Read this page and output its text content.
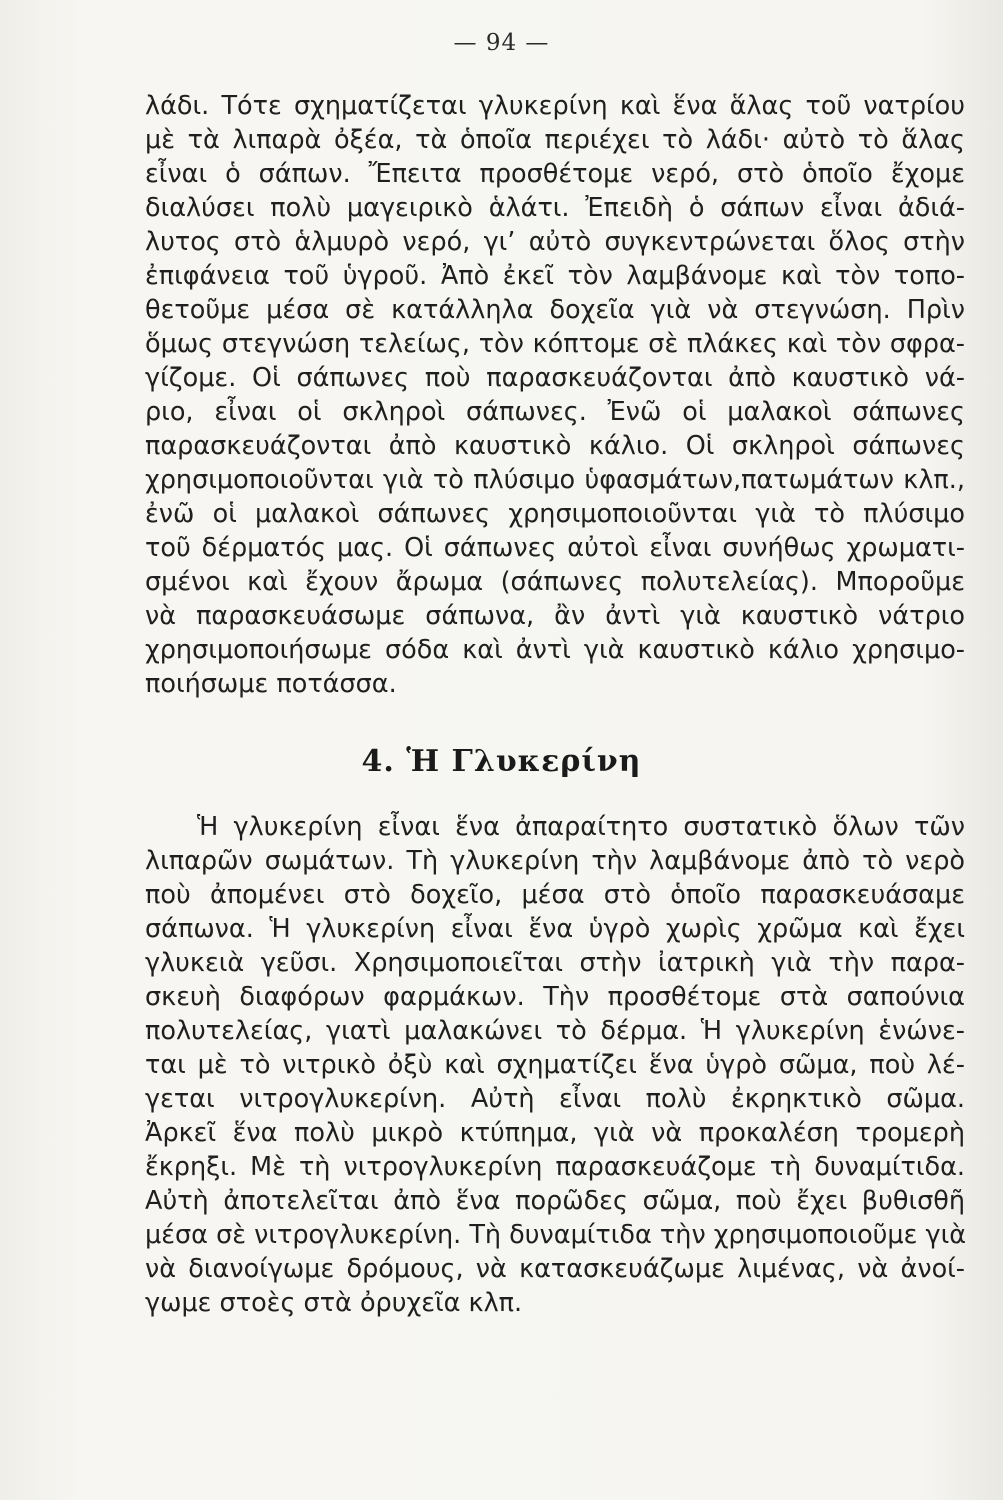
— 94 —
λάδι. Τότε σχηματίζεται γλυκερίνη καὶ ἕνα ἅλας τοῦ νατρίου
μὲ τὰ λιπαρὰ ὀξέα, τὰ ὁποῖα περιέχει τὸ λάδι· αὐτὸ τὸ ἅλας
εἶναι ὁ σάπων. Ἔπειτα προσθέτομε νερό, στὸ ὁποῖο ἔχομε
διαλύσει πολὺ μαγειρικὸ ἁλάτι. Ἐπειδὴ ὁ σάπων εἶναι ἀδιά-
λυτος στὸ ἁλμυρὸ νερό, γι’ αὐτὸ συγκεντρώνεται ὅλος στὴν
ἐπιφάνεια τοῦ ὑγροῦ. Ἀπὸ ἐκεῖ τὸν λαμβάνομε καὶ τὸν τοπο-
θετοῦμε μέσα σὲ κατάλληλα δοχεῖα γιὰ νὰ στεγνώση. Πρὶν
ὅμως στεγνώση τελείως, τὸν κόπτομε σὲ πλάκες καὶ τὸν σφρα-
γίζομε. Οἱ σάπωνες ποὺ παρασκευάζονται ἀπὸ καυστικὸ νά-
ριο, εἶναι οἱ σκληροὶ σάπωνες. Ἐνῶ οἱ μαλακοὶ σάπωνες
παρασκευάζονται ἀπὸ καυστικὸ κάλιο. Οἱ σκληροὶ σάπωνες
χρησιμοποιοῦνται γιὰ τὸ πλύσιμο ὑφασμάτων,πατωμάτων κλπ.,
ἐνῶ οἱ μαλακοὶ σάπωνες χρησιμοποιοῦνται γιὰ τὸ πλύσιμο
τοῦ δέρματός μας. Οἱ σάπωνες αὐτοὶ εἶναι συνήθως χρωματι-
σμένοι καὶ ἔχουν ἄρωμα (σάπωνες πολυτελείας). Μποροῦμε
νὰ παρασκευάσωμε σάπωνα, ἂν ἀντὶ γιὰ καυστικὸ νάτριο
χρησιμοποιήσωμε σόδα καὶ ἀντὶ γιὰ καυστικὸ κάλιο χρησιμο-
ποιήσωμε ποτάσσα.
4. Ἡ Γλυκερίνη
Ἡ γλυκερίνη εἶναι ἕνα ἀπαραίτητο συστατικὸ ὅλων τῶν
λιπαρῶν σωμάτων. Τὴ γλυκερίνη τὴν λαμβάνομε ἀπὸ τὸ νερὸ
ποὺ ἀπομένει στὸ δοχεῖο, μέσα στὸ ὁποῖο παρασκευάσαμε
σάπωνα. Ἡ γλυκερίνη εἶναι ἕνα ὑγρὸ χωρὶς χρῶμα καὶ ἔχει
γλυκειὰ γεῦσι. Χρησιμοποιεῖται στὴν ἰατρικὴ γιὰ τὴν παρα-
σκευὴ διαφόρων φαρμάκων. Τὴν προσθέτομε στὰ σαπούνια
πολυτελείας, γιατὶ μαλακώνει τὸ δέρμα. Ἡ γλυκερίνη ἑνώνε-
ται μὲ τὸ νιτρικὸ ὀξὺ καὶ σχηματίζει ἕνα ὑγρὸ σῶμα, ποὺ λέ-
γεται νιτρογλυκερίνη. Αὐτὴ εἶναι πολὺ ἐκρηκτικὸ σῶμα.
Ἀρκεῖ ἕνα πολὺ μικρὸ κτύπημα, γιὰ νὰ προκαλέση τρομερὴ
ἔκρηξι. Μὲ τὴ νιτρογλυκερίνη παρασκευάζομε τὴ δυναμίτιδα.
Αὐτὴ ἀποτελεῖται ἀπὸ ἕνα πορῶδες σῶμα, ποὺ ἔχει βυθισθῆ
μέσα σὲ νιτρογλυκερίνη. Τὴ δυναμίτιδα τὴν χρησιμοποιοῦμε γιὰ
νὰ διανοίγωμε δρόμους, νὰ κατασκευάζωμε λιμένας, νὰ ἀνοί-
γωμε στοὲς στὰ ὀρυχεῖα κλπ.
